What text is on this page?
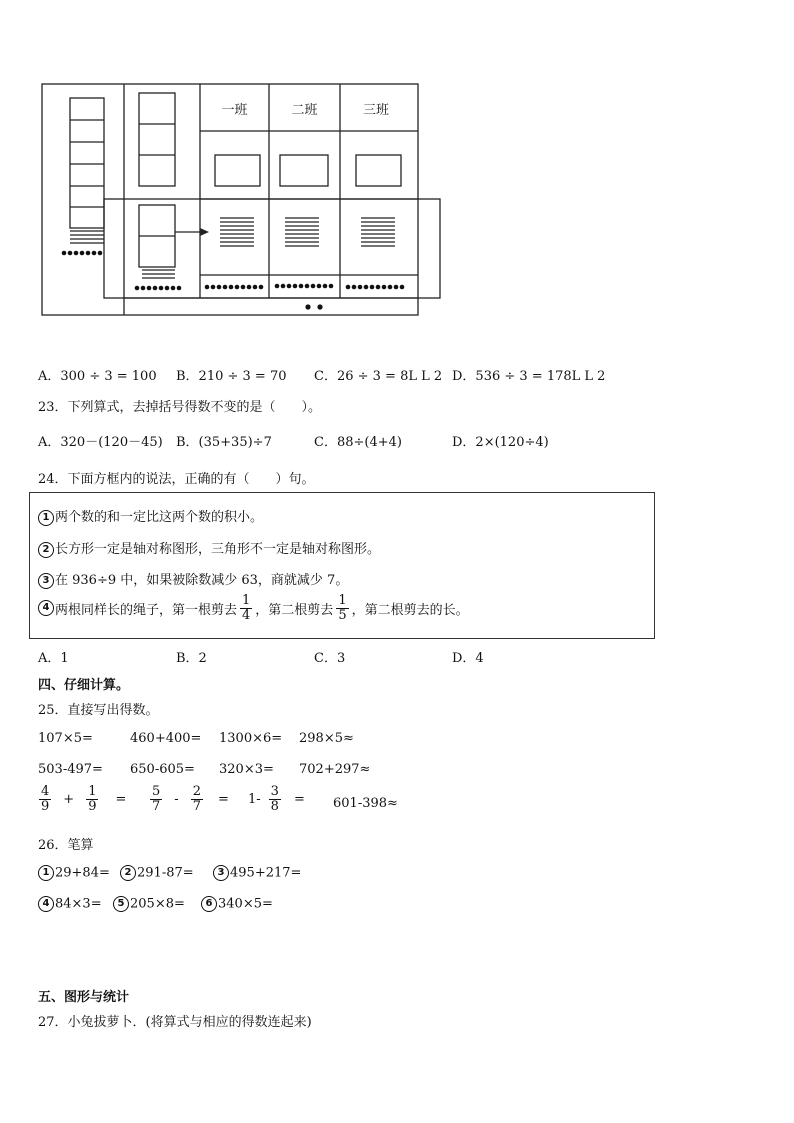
一班	二班	三班
A．300 ÷ 3 = 100 B．210 ÷ 3 = 70 C．26 ÷ 3 = 8L L 2 D．536 ÷ 3 = 178L L 2
23．下列算式，去掉括号得数不变的是（　　）。
A．320－(120－45) B．(35+35)÷7	C．88÷(4+4)	D．2×(120÷4)
24．下面方框内的说法，正确的有（　　）句。
1 两个数的和一定比这两个数的积小。
2 长方形一定是轴对称图形，三角形不一定是轴对称图形。
3 在 936÷9 中，如果被除数减少 63，商就减少 7。
4 两根同样长的绳子，第一根剪去 $\frac{1}{4}$ ，第二根剪去 $\frac{1}{5}$ ，第二根剪去的长。
A．1	B．2	C．3	D．4
四、仔细计算。
25．直接写出得数。
107×5=	460+400= 1300×6= 298×5≈
503-497= 650-605= 320×3= 702+297≈
$\frac{4}{9} + \frac{1}{9} = \frac{5}{7} - \frac{2}{7} = 1- \frac{3}{8} = 601-398\approx$
26．笔算
1 29+84=	2 291-87=	3 495+217=
4 84×3=	5 205×8=	6 340×5=
五、图形与统计
27．小兔拔萝卜．(将算式与相应的得数连起来)
